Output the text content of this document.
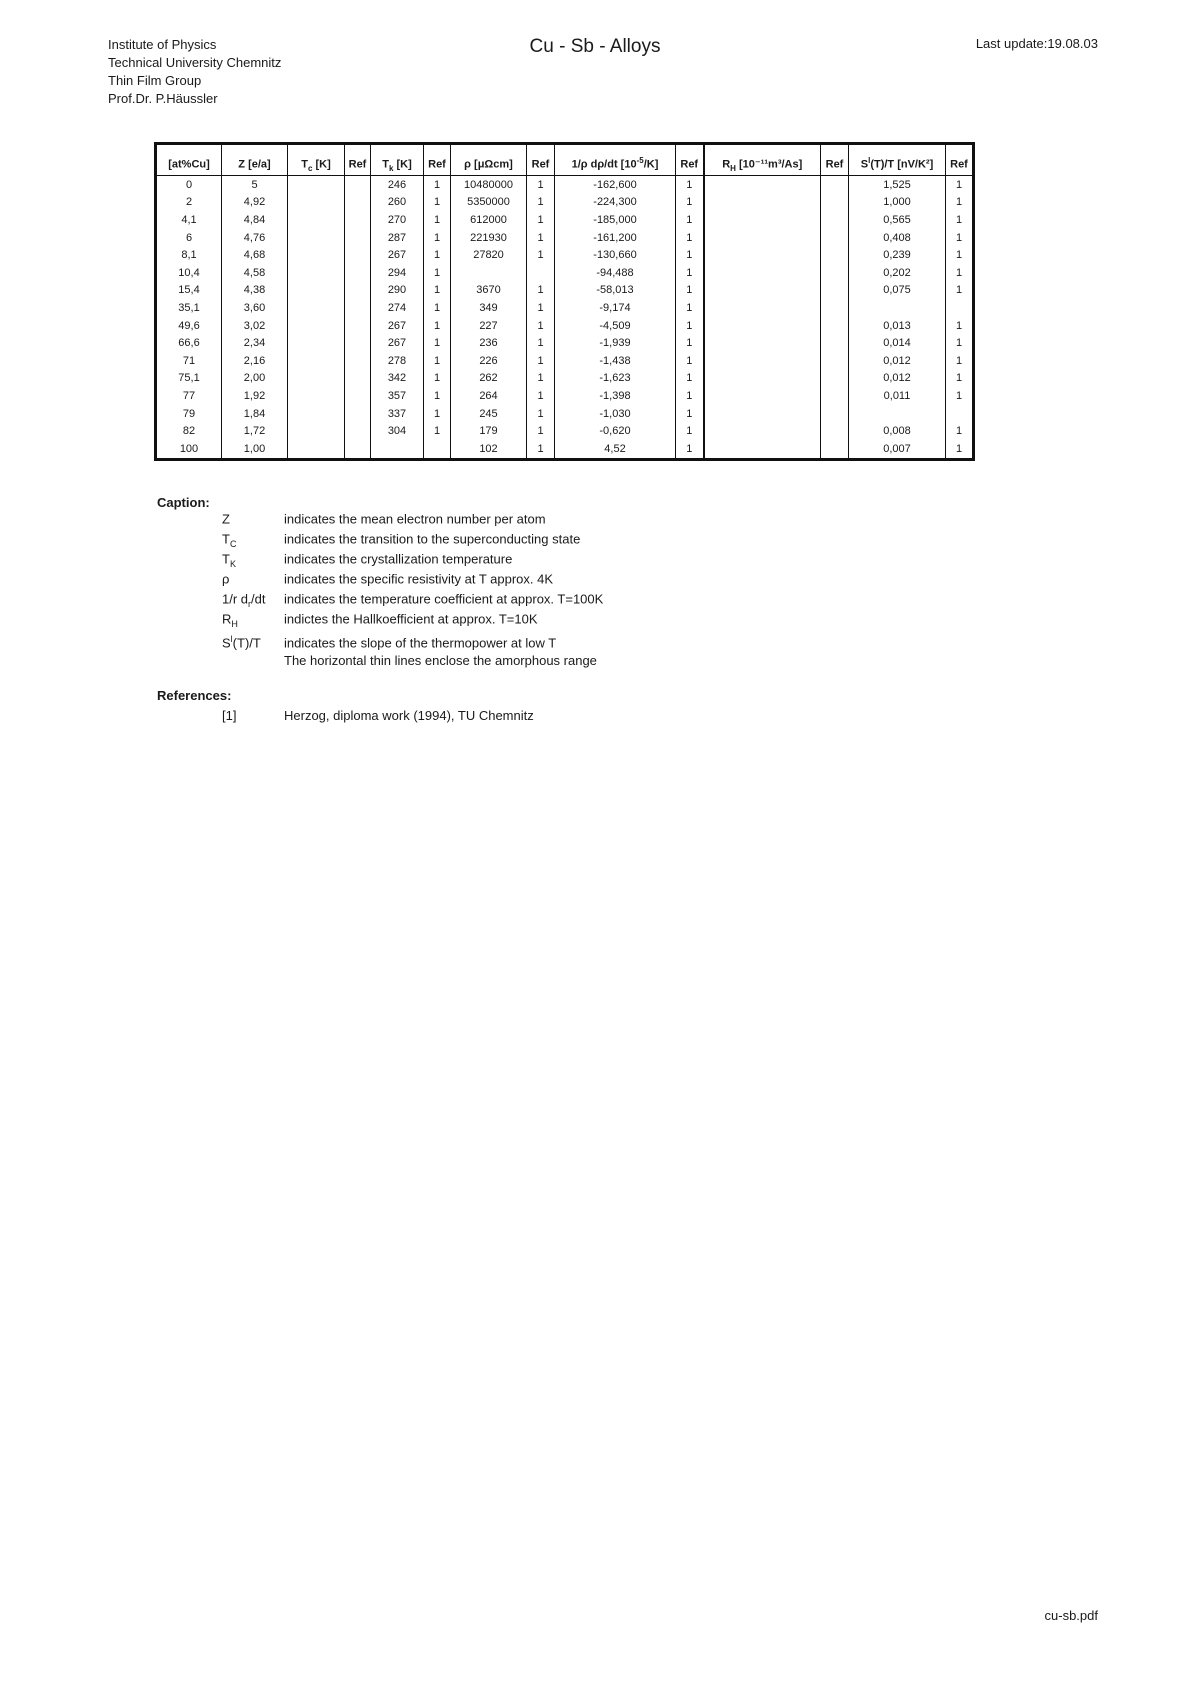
Institute of Physics
Technical University Chemnitz
Thin Film Group
Prof.Dr. P.Häussler
Cu - Sb - Alloys	Last update:19.08.03
[at%Cu]	Z [e/a]	$T_c$ [K]	Ref	$T_k$ [K]	Ref	ρ [μΩcm]	Ref	1/ρ dρ/dt $[10^{-5}/K]$	Ref	$R_H$ [10⁻¹¹m³/As]	Ref	$S^l(T)/T$ [nV/K²]	Ref
0	5			246	1	10480000	1	-162,600	1			1,525	1
2	4,92			260	1	5350000	1	-224,300	1			1,000	1
4,1	4,84			270	1	612000	1	-185,000	1			0,565	1
6	4,76			287	1	221930	1	-161,200	1			0,408	1
8,1	4,68			267	1	27820	1	-130,660	1			0,239	1
10,4	4,58			294	1			-94,488	1			0,202	1
15,4	4,38			290	1	3670	1	-58,013	1			0,075	1
35,1	3,60			274	1	349	1	-9,174	1				
49,6	3,02			267	1	227	1	-4,509	1			0,013	1
66,6	2,34			267	1	236	1	-1,939	1			0,014	1
71	2,16			278	1	226	1	-1,438	1			0,012	1
75,1	2,00			342	1	262	1	-1,623	1			0,012	1
77	1,92			357	1	264	1	-1,398	1			0,011	1
79	1,84			337	1	245	1	-1,030	1				
82	1,72			304	1	179	1	-0,620	1			0,008	1
100	1,00					102	1	4,52	1			0,007	1
Caption:
Z	indicates the mean electron number per atom
$T_C$	indicates the transition to the superconducting state
$T_K$	indicates the crystallization temperature
ρ	indicates the specific resistivity at T approx. 4K
1/r $d_r/dt$ indicates the temperature coefficient at approx. T=100K
$R_H$	indictes the Hallkoefficient at approx. T=10K
$S^l(T)/T$ indicates the slope of the thermopower at low T
The horizontal thin lines enclose the amorphous range
References:
[1]	Herzog, diploma work (1994), TU Chemnitz
cu-sb.pdf
